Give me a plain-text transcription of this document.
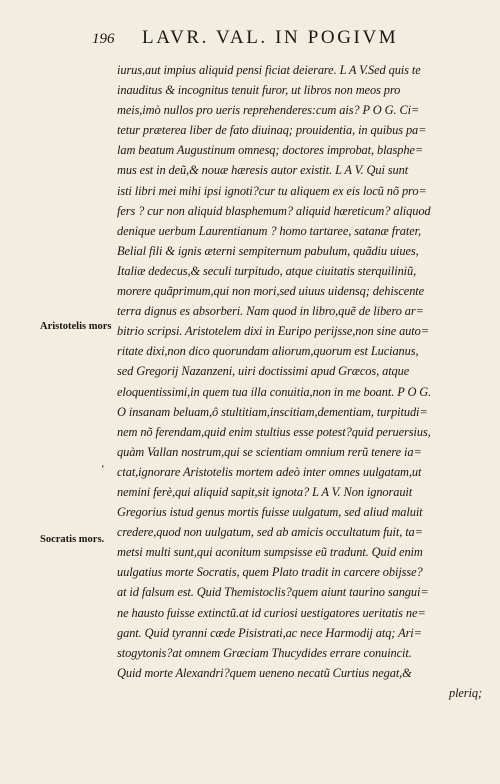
196 LAVR. VAL. IN POGIVM
Aristotelis mors
Socratis mors.
‘
iurus,aut impius aliquid pensi ficiat deierare. L A V.Sed quis te
inauditus & incognitus tenuit furor, ut libros non meos pro
meis,imò nullos pro ueris reprehenderes:cum ais? P O G. Ci=
tetur præterea liber de fato diuinaq; prouidentia, in quibus pa=
lam beatum Augustinum omnesq; doctores improbat, blasphe=
mus est in deũ,& nouæ hæresis autor existit. L A V. Qui sunt
isti libri mei mihi ipsi ignoti?cur tu aliquem ex eis locũ nõ pro=
fers ? cur non aliquid blasphemum? aliquid hæreticum? aliquod
denique uerbum Laurentianum ? homo tartaree, satanæ frater,
Belial fili & ignis æterni sempiternum pabulum, quãdiu uiues,
Italiæ dedecus,& seculi turpitudo, atque ciuitatis sterquiliniũ,
morere quãprimum,qui non mori,sed uiuus uidensq; dehiscente
terra dignus es absorberi. Nam quod in libro,quẽ de libero ar=
bitrio scripsi. Aristotelem dixi in Euripo perijsse,non sine auto=
ritate dixi,non dico quorundam aliorum,quorum est Lucianus,
sed Gregorij Nazanzeni, uiri doctissimi apud Græcos, atque
eloquentissimi,in quem tua illa conuitia,non in me boant. P O G.
O insanam beluam,ô stultitiam,inscitiam,dementiam, turpitudi=
nem nõ ferendam,quid enim stultius esse potest?quid peruersius,
quàm Vallan nostrum,qui se scientiam omnium rerũ tenere ia=
ctat,ignorare Aristotelis mortem adeò inter omnes uulgatam,ut
nemini ferè,qui aliquid sapit,sit ignota? L A V. Non ignorauit
Gregorius istud genus mortis fuisse uulgatum, sed aliud maluit
credere,quod non uulgatum, sed ab amicis occultatum fuit, ta=
metsi multi sunt,qui aconitum sumpsisse eũ tradunt. Quid enim
uulgatius morte Socratis, quem Plato tradit in carcere obijsse?
at id falsum est. Quid Themistoclis?quem aiunt taurino sangui=
ne hausto fuisse extinctũ.at id curiosi uestigatores ueritatis ne=
gant. Quid tyranni cæde Pisistrati,ac nece Harmodij atq; Ari=
stogytonis?at omnem Græciam Thucydides errare conuincit.
Quid morte Alexandri?quem ueneno necatũ Curtius negat,&
pleriq;
